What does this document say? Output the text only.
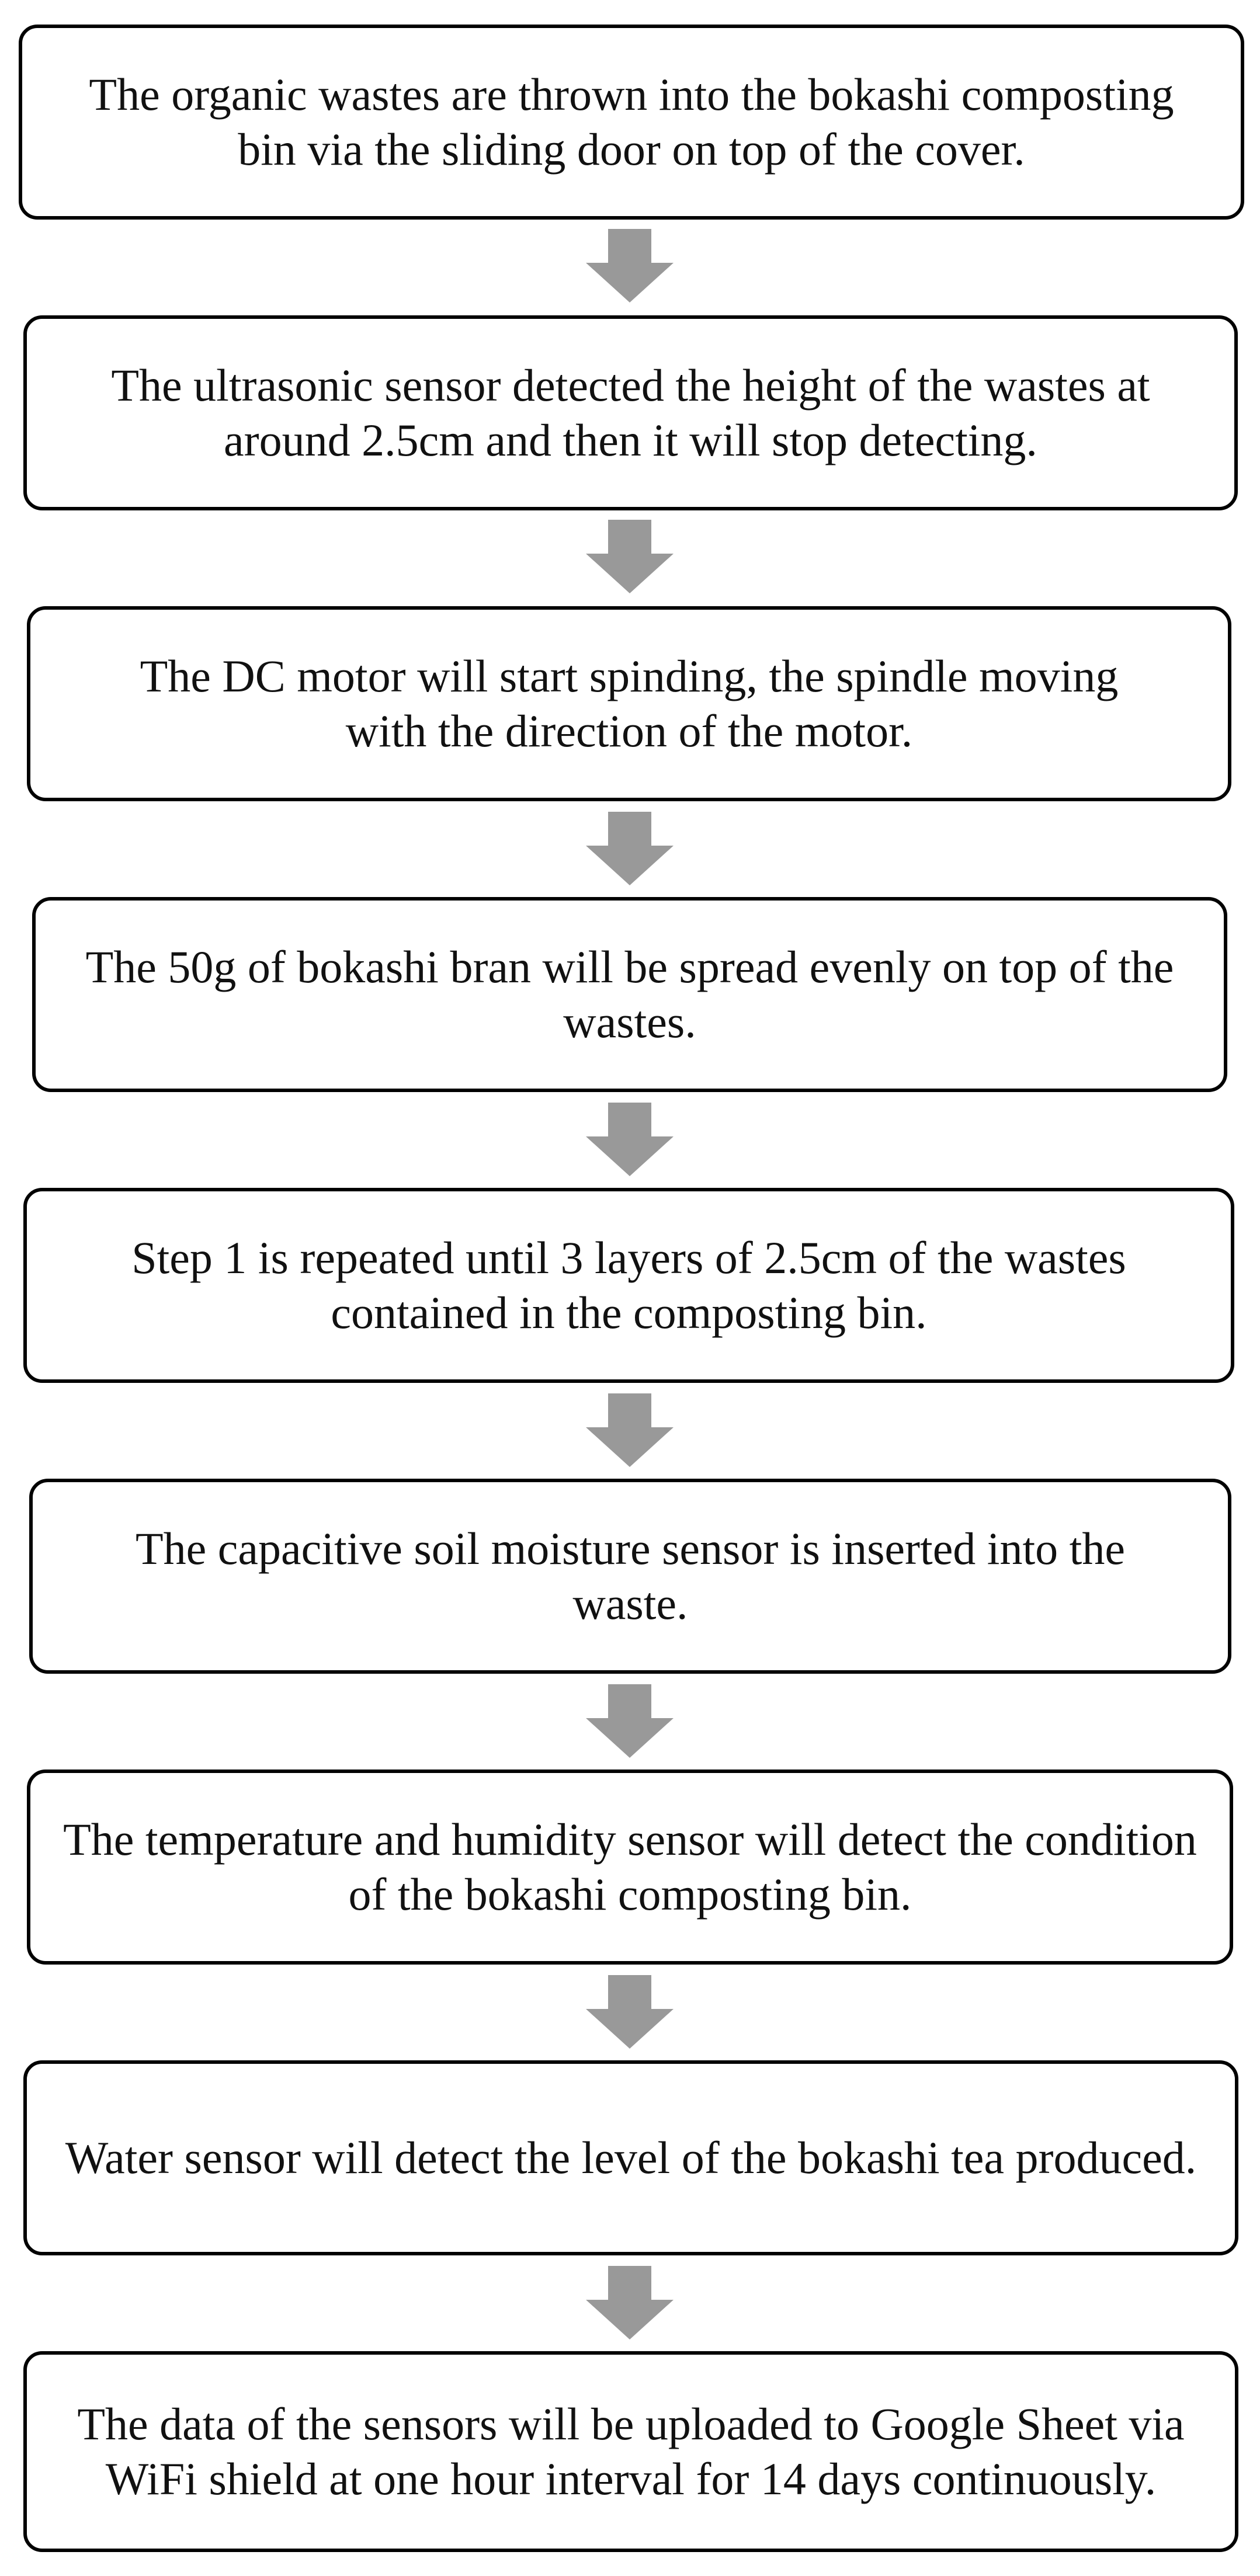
The organic wastes are thrown into the bokashi composting bin via the sliding door on top of the cover.
The ultrasonic sensor detected the height of the wastes at around 2.5cm and then it will stop detecting.
The DC motor will start spinding, the spindle moving with the direction of the motor.
The 50g of bokashi bran will be spread evenly on top of the wastes.
Step 1 is repeated until 3 layers of 2.5cm of the wastes contained in the composting bin.
The capacitive soil moisture sensor is inserted into the waste.
The temperature and humidity sensor will detect the condition of the bokashi composting bin.
Water sensor will detect the level of the bokashi tea produced.
The data of the sensors will be uploaded to Google Sheet via WiFi shield at one hour interval for 14 days continuously.
